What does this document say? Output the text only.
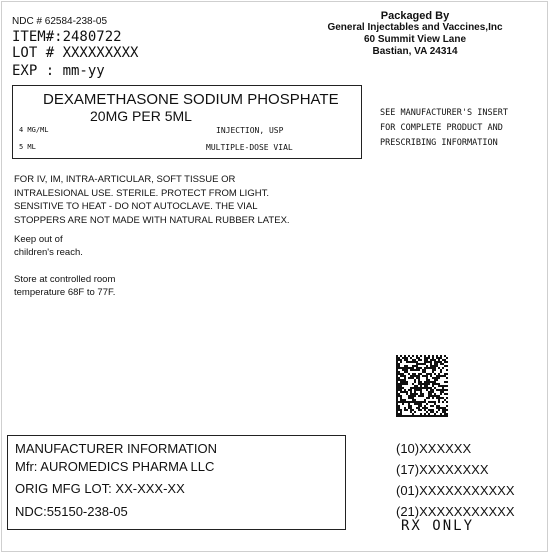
NDC # 62584-238-05
ITEM#:2480722
LOT # XXXXXXXXX
EXP : mm-yy
Packaged By
General Injectables and Vaccines,Inc
60 Summit View Lane
Bastian, VA 24314
DEXAMETHASONE SODIUM PHOSPHATE
20MG PER 5ML
4 MG/ML	INJECTION, USP
5 ML	MULTIPLE-DOSE VIAL
SEE MANUFACTURER'S INSERT
FOR COMPLETE PRODUCT AND
PRESCRIBING INFORMATION
FOR IV, IM, INTRA-ARTICULAR, SOFT TISSUE OR
INTRALESIONAL USE. STERILE. PROTECT FROM LIGHT.
SENSITIVE TO HEAT - DO NOT AUTOCLAVE. THE VIAL
STOPPERS ARE NOT MADE WITH NATURAL RUBBER LATEX.
Keep out of
children's reach.
Store at controlled room
temperature 68F to 77F.
MANUFACTURER INFORMATION
Mfr: AUROMEDICS PHARMA LLC
ORIG MFG LOT: XX-XXX-XX
NDC:55150-238-05
(10)XXXXXX
(17)XXXXXXXX
(01)XXXXXXXXXXX
(21)XXXXXXXXXXX
RX ONLY
